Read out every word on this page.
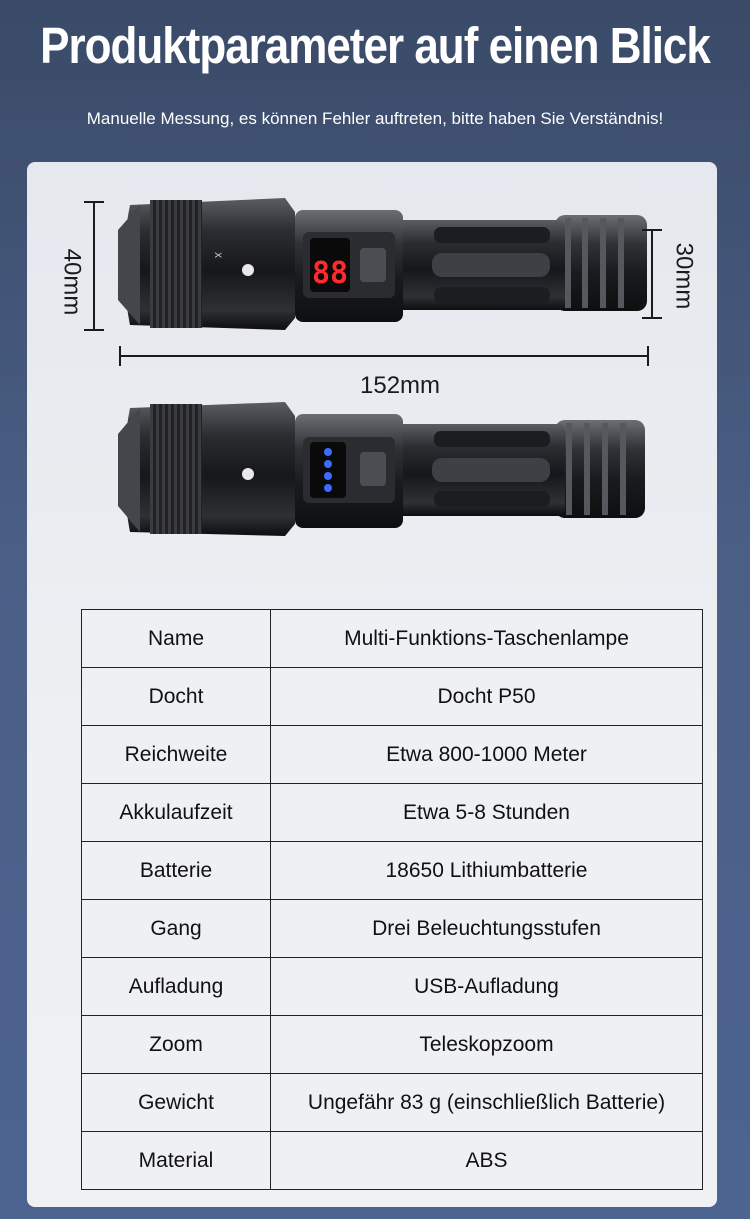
Produktparameter auf einen Blick
Manuelle Messung, es können Fehler auftreten, bitte haben Sie Verständnis!
88
X
40mm	30mm
152mm
Name	Multi-Funktions-Taschenlampe
Docht	Docht P50
Reichweite	Etwa 800-1000 Meter
Akkulaufzeit	Etwa 5-8 Stunden
Batterie	18650 Lithiumbatterie
Gang	Drei Beleuchtungsstufen
Aufladung	USB-Aufladung
Zoom	Teleskopzoom
Gewicht	Ungefähr 83 g (einschließlich Batterie)
Material	ABS
